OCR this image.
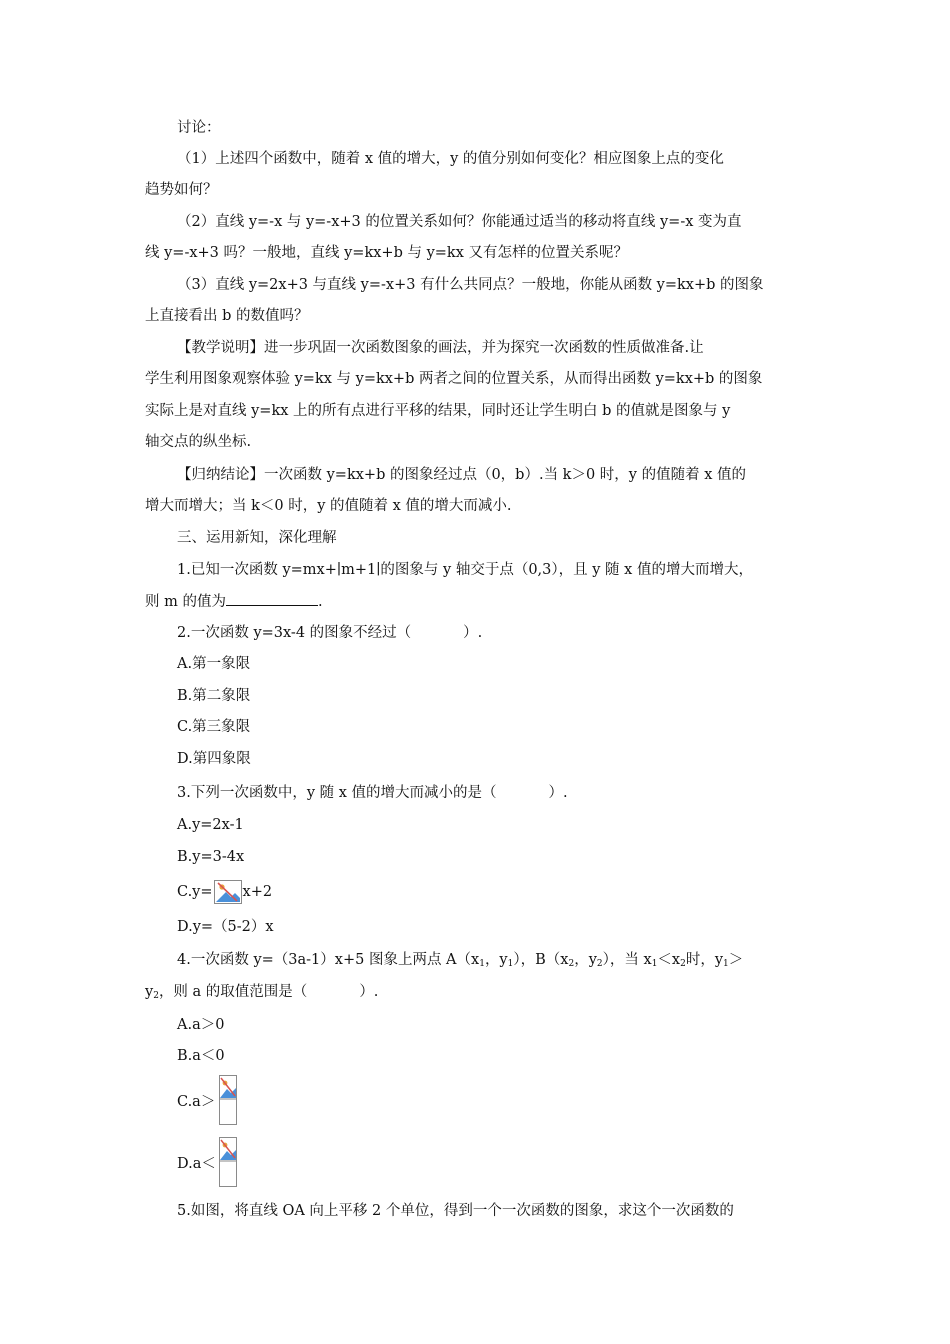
讨论：
（1）上述四个函数中，随着 x 值的增大，y 的值分别如何变化？相应图象上点的变化
趋势如何？
（2）直线 y=-x 与 y=-x+3 的位置关系如何？你能通过适当的移动将直线 y=-x 变为直
线 y=-x+3 吗？一般地，直线 y=kx+b 与 y=kx 又有怎样的位置关系呢？
（3）直线 y=2x+3 与直线 y=-x+3 有什么共同点？一般地，你能从函数 y=kx+b 的图象
上直接看出 b 的数值吗？
【教学说明】进一步巩固一次函数图象的画法，并为探究一次函数的性质做准备.让
学生利用图象观察体验 y=kx 与 y=kx+b 两者之间的位置关系，从而得出函数 y=kx+b 的图象
实际上是对直线 y=kx 上的所有点进行平移的结果，同时还让学生明白 b 的值就是图象与 y
轴交点的纵坐标.
【归纳结论】一次函数 y=kx+b 的图象经过点（0，b）.当 k＞0 时，y 的值随着 x 值的
增大而增大；当 k＜0 时，y 的值随着 x 值的增大而减小.
三、运用新知，深化理解
1.已知一次函数 y=mx+∣m+1∣的图象与 y 轴交于点（0,3），且 y 随 x 值的增大而增大，
则 m 的值为	.
2.一次函数 y=3x-4 的图象不经过（	）.
A.第一象限
B.第二象限
C.第三象限
D.第四象限
3.下列一次函数中，y 随 x 值的增大而减小的是（	）.
A.y=2x-1
B.y=3-4x
C.y= x+2
D.y=（5-2）x
4.一次函数 y=（3a-1）x+5 图象上两点 $A(x_1$，$y_1$），$B(x_2$，$y_2$），当 $x_1<x_2$时，$y_1>$
$y_2$，则 a 的取值范围是（	）.
A.a＞0
B.a＜0
C.a＞
D.a＜
5.如图，将直线 OA 向上平移 2 个单位，得到一个一次函数的图象，求这个一次函数的
